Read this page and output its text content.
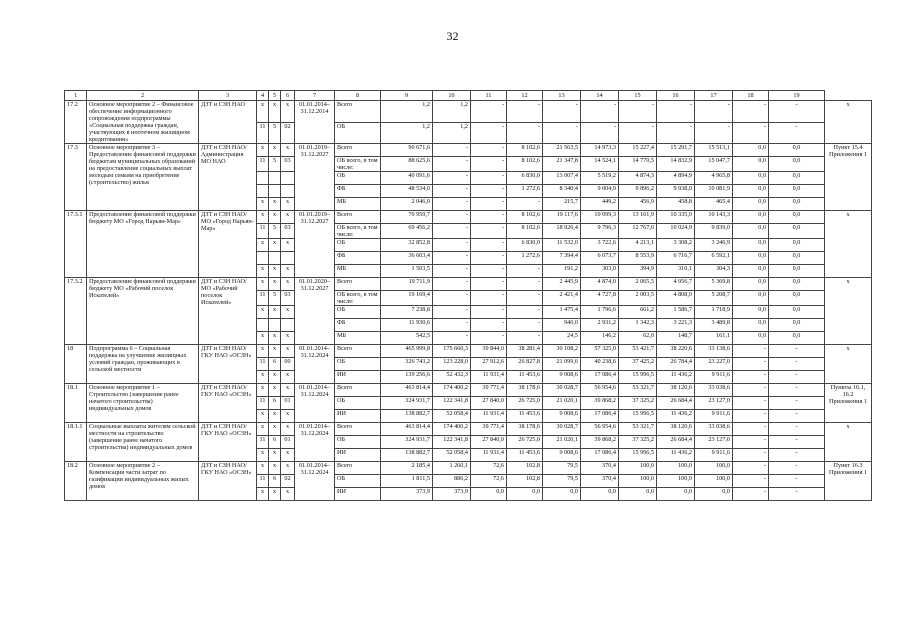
32
1	2	3	4	5	6	7	8	9	10	11	12	13	14	15	16	17	18	19	
17.2	Основное мероприятие 2 – Финансовое обеспечение информационного сопровождения подпрограммы «Социальная поддержка граждан, участвующих в ипотечном жилищном кредитовании»	ДЗТ и СЗН НАО	х	х	х	01.01.2014– 31.12.2014	Всего	1,2	1,2	-	-	-	-	-	-	-	-	-	х
			11	5	02		ОБ	1,2	1,2	-	-	-	-	-	-	-	-	-	
17.3	Основное мероприятие 3 – Предоставление финансовой поддержки бюджетам муниципальных образований на предоставление социальных выплат молодым семьям на приобретение (строительство) жилья	ДЗТ и СЗН НАО/ Администрация МО НАО	х	х	х	01.01.2019– 31.12.2027	Всего	90 671,6	-	-	8 102,6	21 563,5	14 973,3	15 227,4	15 291,7	15 513,1	0,0	0,0	Пункт 15.4 Приложения 1
			11	5	03		ОБ всего, в том числе:	88 625,6	-	-	8 102,6	21 347,8	14 524,1	14 770,5	14 832,9	15 047,7	0,0	0,0	
							ОБ	40 091,6	-	-	6 830,0	13 007,4	5 519,2	4 874,3	4 894,9	4 965,8	0,0	0,0	
							ФБ	48 534,0	-	-	1 272,6	8 340,4	9 004,9	9 896,2	9 938,0	10 081,9	0,0	0,0	
			х	х	х		МБ	2 046,0	-	-	-	215,7	449,2	456,9	458,8	465,4	0,0	0,0	
17.3.1	Предоставление финансовой поддержки бюджету МО «Город Нарьян-Мар»	ДЗТ и СЗН НАО/ МО «Город Нарьян-Мар»	х	х	х	01.01.2019– 31.12.2027	Всего	70 959,7	-	-	8 102,6	19 117,6	10 099,3	13 161,9	10 335,0	10 143,3	0,0	0,0	х
			11	5	03		ОБ всего, в том числе:	69 456,2	-	-	8 102,6	18 926,4	9 796,3	12 767,0	10 024,9	9 839,0	0,0	0,0	
			х	х	х		ОБ	32 852,8	-	-	6 830,0	11 532,0	3 722,6	4 213,1	3 308,2	3 246,9	0,0	0,0	
							ФБ	36 603,4	-	-	1 272,6	7 394,4	6 073,7	8 553,9	6 716,7	6 592,1	0,0	0,0	
			х	х	х		МБ	1 503,5	-	-	-	191,2	303,0	394,9	310,1	304,3	0,0	0,0	
17.3.2	Предоставление финансовой поддержки бюджету МО «Рабочий поселок Искателей»	ДЗТ и СЗН НАО/ МО «Рабочий поселок Искателей»	х	х	х	01.01.2020– 31.12.2027	Всего	19 711,9	-	-	-	2 445,9	4 874,0	2 065,5	4 956,7	5 369,8	0,0	0,0	х
			11	5	03		ОБ всего, в том числе:	19 169,4	-	-	-	2 421,4	4 727,8	2 003,5	4 808,0	5 208,7	0,0	0,0	
			х	х	х		ОБ	7 238,8	-	-	-	1 475,4	1 796,6	661,2	1 586,7	1 718,9	0,0	0,0	
							ФБ	11 930,6	-	-	-	946,0	2 931,2	1 342,3	3 221,3	3 489,8	0,0	0,0	
			х	х	х		МБ	542,5	-	-	-	24,5	146,2	62,0	148,7	161,1	0,0	0,0	
18	Подпрограмма 6 – Социальная поддержка на улучшение жилищных условий граждан, проживающих в сельской местности	ДЗТ и СЗН НАО/ ГКУ НАО «ОСЗН»	х	х	х	01.01.2014– 31.12.2024	Всего	465 999,8	175 660,3	39 844,0	38 281,4	30 108,2	57 325,0	53 421,7	38 220,6	33 138,6	-	-	х
			11	6	00		ОБ	326 743,2	123 228,0	27 912,6	26 827,8	21 099,6	40 238,6	37 425,2	26 784,4	23 227,0	-	-	
			х	х	х		ИИ	139 256,6	52 432,3	11 931,4	11 453,6	9 008,6	17 086,4	15 996,5	11 436,2	9 911,6	-	-	
18.1	Основное мероприятие 1 – Строительство (завершение ранее начатого строительства) индивидуальных домов	ДЗТ и СЗН НАО/ ГКУ НАО «ОСЗН»	х	х	х	01.01.2014– 31.12.2024	Всего	463 814,4	174 400,2	39 771,4	38 178,6	30 028,7	56 954,6	53 321,7	38 120,6	33 038,6	-	-	Пункты 16.1, 16.2 Приложения 1
			11	6	01		ОБ	324 931,7	122 341,8	27 840,0	26 725,0	21 020,1	39 868,2	37 325,2	26 684,4	23 127,0	-	-	
			х	х	х		ИИ	138 882,7	52 058,4	11 931,4	11 453,6	9 008,6	17 086,4	15 996,5	11 436,2	9 911,6	-	-	
18.1.1	Социальные выплаты жителям сельской местности на строительство (завершение ранее начатого строительства) индивидуальных домов	ДЗТ и СЗН НАО/ ГКУ НАО «ОСЗН»	х	х	х	01.01.2014– 31.12.2024	Всего	463 814,4	174 400,2	39 771,4	38 178,6	30 028,7	56 954,6	53 321,7	38 120,6	33 038,6	-	-	х
			11	6	01		ОБ	324 931,7	122 341,8	27 840,0	26 725,0	21 020,1	39 868,2	37 325,2	26 684,4	23 127,0	-	-	
			х	х	х		ИИ	138 882,7	52 058,4	11 931,4	11 453,6	9 008,6	17 086,4	15 996,5	11 436,2	9 911,6	-	-	
18.2	Основное мероприятие 2 – Компенсация части затрат по газификации индивидуальных жилых домов	ДЗТ и СЗН НАО/ ГКУ НАО «ОСЗН»	х	х	х	01.01.2014– 31.12.2024	Всего	2 185,4	1 260,1	72,6	102,8	79,5	370,4	100,0	100,0	100,0	-	-	Пункт 16.3 Приложения 1
			11	6	02		ОБ	1 811,5	886,2	72,6	102,8	79,5	370,4	100,0	100,0	100,0	-	-	
			х	х	х		ИИ	373,9	373,9	0,0	0,0	0,0	0,0	0,0	0,0	0,0	-	-	
